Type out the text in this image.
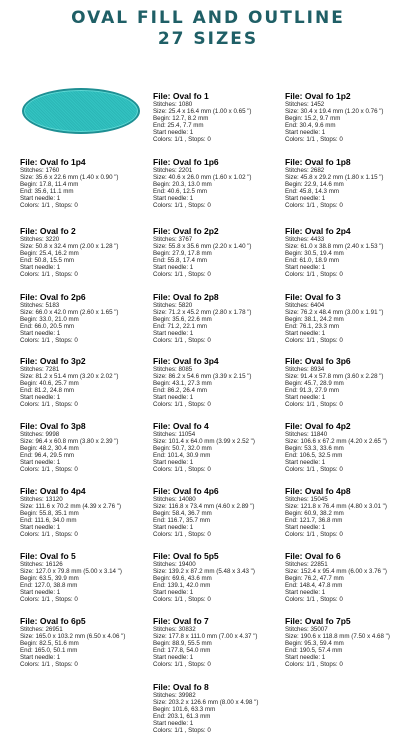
OVAL FILL AND OUTLINE
27 SIZES
File: Oval fo 1
Stitches: 1080
Size: 25.4 x 16.4 mm (1.00 x 0.65 ")
Begin: 12.7, 8.2 mm
End: 25.4, 7.7 mm
Start needle: 1
Colors: 1/1 , Stops: 0
File: Oval fo 1p2
Stitches: 1452
Size: 30.4 x 19.4 mm (1.20 x 0.76 ")
Begin: 15.2, 9.7 mm
End: 30.4, 9.6 mm
Start needle: 1
Colors: 1/1 , Stops: 0
File: Oval fo 1p4
Stitches: 1760
Size: 35.6 x 22.6 mm (1.40 x 0.90 ")
Begin: 17.8, 11.4 mm
End: 35.6, 11.1 mm
Start needle: 1
Colors: 1/1 , Stops: 0
File: Oval fo 1p6
Stitches: 2201
Size: 40.6 x 26.0 mm (1.60 x 1.02 ")
Begin: 20.3, 13.0 mm
End: 40.6, 12.5 mm
Start needle: 1
Colors: 1/1 , Stops: 0
File: Oval fo 1p8
Stitches: 2682
Size: 45.8 x 29.2 mm (1.80 x 1.15 ")
Begin: 22.9, 14.6 mm
End: 45.8, 14.3 mm
Start needle: 1
Colors: 1/1 , Stops: 0
File: Oval fo 2
Stitches: 3220
Size: 50.8 x 32.4 mm (2.00 x 1.28 ")
Begin: 25.4, 16.2 mm
End: 50.8, 15.5 mm
Start needle: 1
Colors: 1/1 , Stops: 0
File: Oval fo 2p2
Stitches: 3767
Size: 55.8 x 35.6 mm (2.20 x 1.40 ")
Begin: 27.9, 17.8 mm
End: 55.8, 17.4 mm
Start needle: 1
Colors: 1/1 , Stops: 0
File: Oval fo 2p4
Stitches: 4433
Size: 61.0 x 38.8 mm (2.40 x 1.53 ")
Begin: 30.5, 19.4 mm
End: 61.0, 18.9 mm
Start needle: 1
Colors: 1/1 , Stops: 0
File: Oval fo 2p6
Stitches: 5183
Size: 66.0 x 42.0 mm (2.60 x 1.65 ")
Begin: 33.0, 21.0 mm
End: 66.0, 20.5 mm
Start needle: 1
Colors: 1/1 , Stops: 0
File: Oval fo 2p8
Stitches: 5820
Size: 71.2 x 45.2 mm (2.80 x 1.78 ")
Begin: 35.6, 22.6 mm
End: 71.2, 22.1 mm
Start needle: 1
Colors: 1/1 , Stops: 0
File: Oval fo 3
Stitches: 6404
Size: 76.2 x 48.4 mm (3.00 x 1.91 ")
Begin: 38.1, 24.2 mm
End: 76.1, 23.3 mm
Start needle: 1
Colors: 1/1 , Stops: 0
File: Oval fo 3p2
Stitches: 7281
Size: 81.2 x 51.4 mm (3.20 x 2.02 ")
Begin: 40.6, 25.7 mm
End: 81.2, 24.8 mm
Start needle: 1
Colors: 1/1 , Stops: 0
File: Oval fo 3p4
Stitches: 8085
Size: 86.2 x 54.6 mm (3.39 x 2.15 ")
Begin: 43.1, 27.3 mm
End: 86.2, 26.4 mm
Start needle: 1
Colors: 1/1 , Stops: 0
File: Oval fo 3p6
Stitches: 8934
Size: 91.4 x 57.8 mm (3.60 x 2.28 ")
Begin: 45.7, 28.9 mm
End: 91.3, 27.9 mm
Start needle: 1
Colors: 1/1 , Stops: 0
File: Oval fo 3p8
Stitches: 9998
Size: 96.4 x 60.8 mm (3.80 x 2.39 ")
Begin: 48.2, 30.4 mm
End: 96.4, 29.5 mm
Start needle: 1
Colors: 1/1 , Stops: 0
File: Oval fo 4
Stitches: 11054
Size: 101.4 x 64.0 mm (3.99 x 2.52 ")
Begin: 50.7, 32.0 mm
End: 101.4, 30.9 mm
Start needle: 1
Colors: 1/1 , Stops: 0
File: Oval fo 4p2
Stitches: 11840
Size: 106.6 x 67.2 mm (4.20 x 2.65 ")
Begin: 53.3, 33.6 mm
End: 106.5, 32.5 mm
Start needle: 1
Colors: 1/1 , Stops: 0
File: Oval fo 4p4
Stitches: 13120
Size: 111.6 x 70.2 mm (4.39 x 2.76 ")
Begin: 55.8, 35.1 mm
End: 111.6, 34.0 mm
Start needle: 1
Colors: 1/1 , Stops: 0
File: Oval fo 4p6
Stitches: 14080
Size: 116.8 x 73.4 mm (4.60 x 2.89 ")
Begin: 58.4, 36.7 mm
End: 116.7, 35.7 mm
Start needle: 1
Colors: 1/1 , Stops: 0
File: Oval fo 4p8
Stitches: 15045
Size: 121.8 x 76.4 mm (4.80 x 3.01 ")
Begin: 60.9, 38.2 mm
End: 121.7, 36.8 mm
Start needle: 1
Colors: 1/1 , Stops: 0
File: Oval fo 5
Stitches: 16126
Size: 127.0 x 79.8 mm (5.00 x 3.14 ")
Begin: 63.5, 39.9 mm
End: 127.0, 38.8 mm
Start needle: 1
Colors: 1/1 , Stops: 0
File: Oval fo 5p5
Stitches: 19400
Size: 139.2 x 87.2 mm (5.48 x 3.43 ")
Begin: 69.6, 43.6 mm
End: 139.1, 42.0 mm
Start needle: 1
Colors: 1/1 , Stops: 0
File: Oval fo 6
Stitches: 22851
Size: 152.4 x 95.4 mm (6.00 x 3.76 ")
Begin: 76.2, 47.7 mm
End: 148.4, 47.8 mm
Start needle: 1
Colors: 1/1 , Stops: 0
File: Oval fo 6p5
Stitches: 26951
Size: 165.0 x 103.2 mm (6.50 x 4.06 ")
Begin: 82.5, 51.6 mm
End: 165.0, 50.1 mm
Start needle: 1
Colors: 1/1 , Stops: 0
File: Oval fo 7
Stitches: 30832
Size: 177.8 x 111.0 mm (7.00 x 4.37 ")
Begin: 88.9, 55.5 mm
End: 177.8, 54.0 mm
Start needle: 1
Colors: 1/1 , Stops: 0
File: Oval fo 7p5
Stitches: 35007
Size: 190.6 x 118.8 mm (7.50 x 4.68 ")
Begin: 95.3, 59.4 mm
End: 190.5, 57.4 mm
Start needle: 1
Colors: 1/1 , Stops: 0
File: Oval fo 8
Stitches: 39982
Size: 203.2 x 126.6 mm (8.00 x 4.98 ")
Begin: 101.6, 63.3 mm
End: 203.1, 61.3 mm
Start needle: 1
Colors: 1/1 , Stops: 0
